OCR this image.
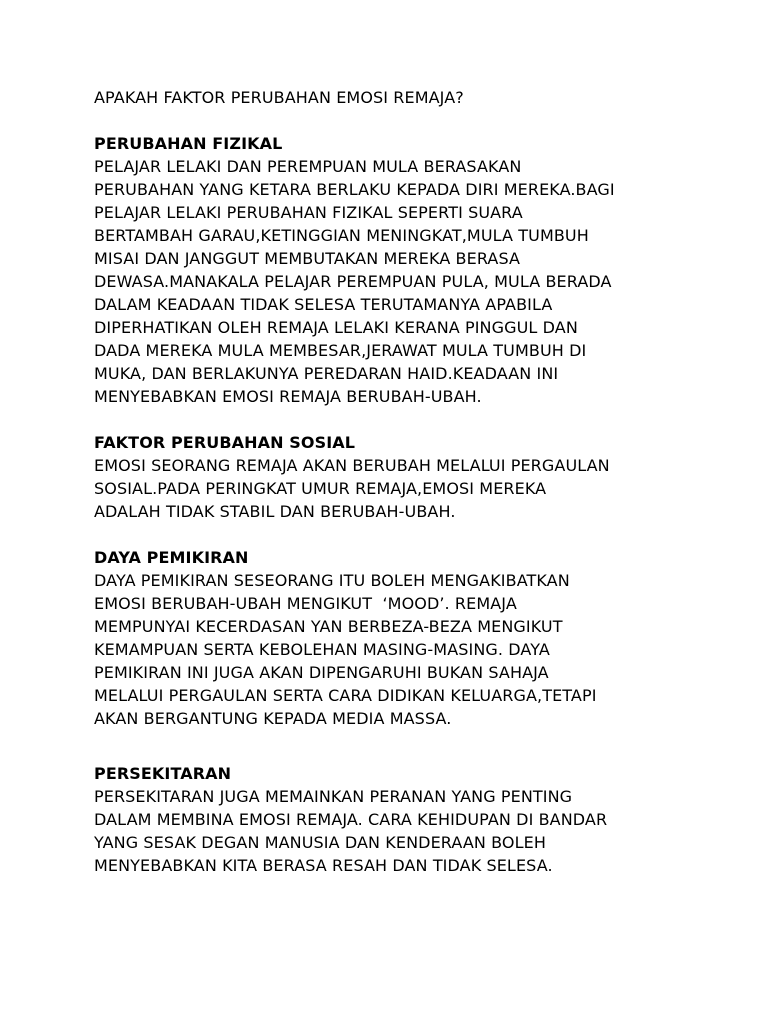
APAKAH FAKTOR PERUBAHAN EMOSI REMAJA?
PERUBAHAN FIZIKAL
PELAJAR LELAKI DAN PEREMPUAN MULA BERASAKAN
PERUBAHAN YANG KETARA BERLAKU KEPADA DIRI MEREKA.BAGI
PELAJAR LELAKI PERUBAHAN FIZIKAL SEPERTI SUARA
BERTAMBAH GARAU,KETINGGIAN MENINGKAT,MULA TUMBUH
MISAI DAN JANGGUT MEMBUTAKAN MEREKA BERASA
DEWASA.MANAKALA PELAJAR PEREMPUAN PULA, MULA BERADA
DALAM KEADAAN TIDAK SELESA TERUTAMANYA APABILA
DIPERHATIKAN OLEH REMAJA LELAKI KERANA PINGGUL DAN
DADA MEREKA MULA MEMBESAR,JERAWAT MULA TUMBUH DI
MUKA, DAN BERLAKUNYA PEREDARAN HAID.KEADAAN INI
MENYEBABKAN EMOSI REMAJA BERUBAH-UBAH.
FAKTOR PERUBAHAN SOSIAL
EMOSI SEORANG REMAJA AKAN BERUBAH MELALUI PERGAULAN
SOSIAL.PADA PERINGKAT UMUR REMAJA,EMOSI MEREKA
ADALAH TIDAK STABIL DAN BERUBAH-UBAH.
DAYA PEMIKIRAN
DAYA PEMIKIRAN SESEORANG ITU BOLEH MENGAKIBATKAN
EMOSI BERUBAH-UBAH MENGIKUT  ‘MOOD’. REMAJA
MEMPUNYAI KECERDASAN YAN BERBEZA-BEZA MENGIKUT
KEMAMPUAN SERTA KEBOLEHAN MASING-MASING. DAYA
PEMIKIRAN INI JUGA AKAN DIPENGARUHI BUKAN SAHAJA
MELALUI PERGAULAN SERTA CARA DIDIKAN KELUARGA,TETAPI
AKAN BERGANTUNG KEPADA MEDIA MASSA.
PERSEKITARAN
PERSEKITARAN JUGA MEMAINKAN PERANAN YANG PENTING
DALAM MEMBINA EMOSI REMAJA. CARA KEHIDUPAN DI BANDAR
YANG SESAK DEGAN MANUSIA DAN KENDERAAN BOLEH
MENYEBABKAN KITA BERASA RESAH DAN TIDAK SELESA.
